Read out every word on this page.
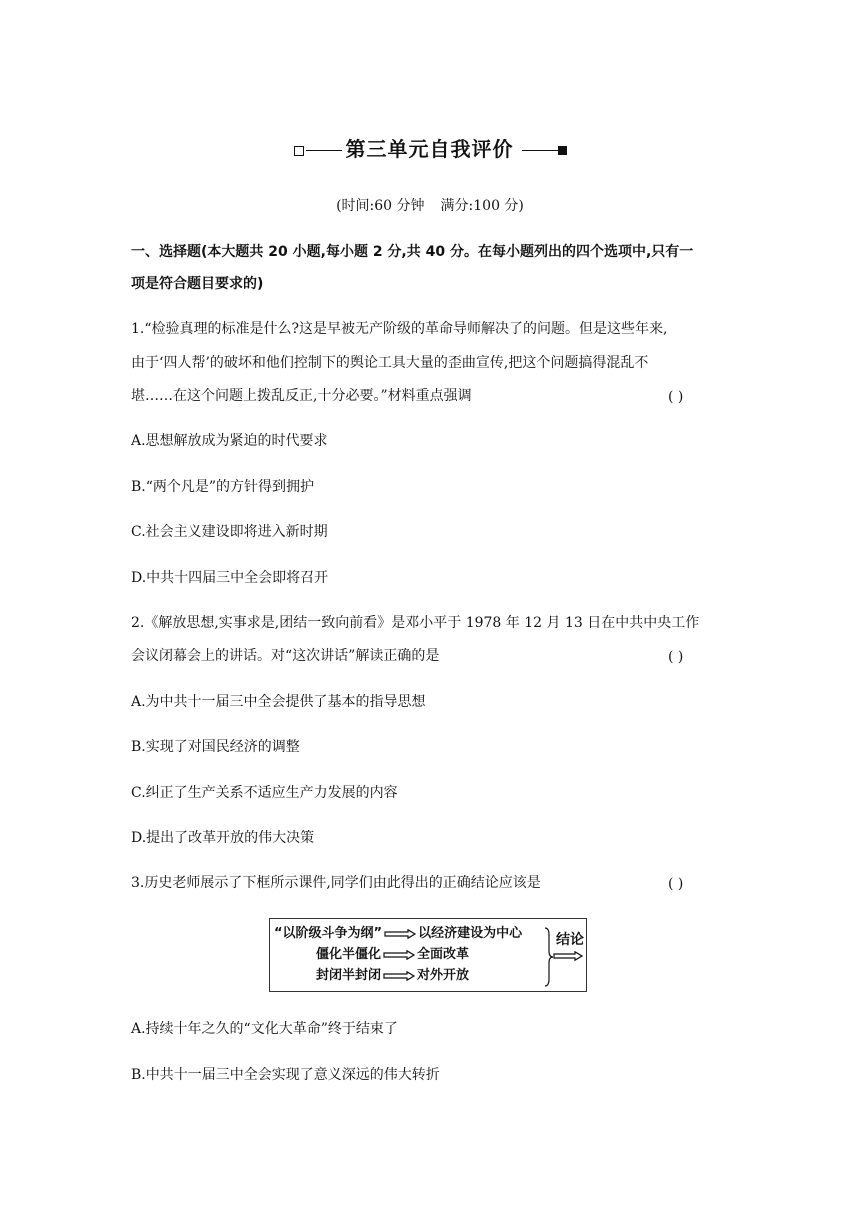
第三单元自我评价
(时间:60 分钟 满分:100 分)
一、选择题(本大题共 20 小题,每小题 2 分,共 40 分。在每小题列出的四个选项中,只有一
项是符合题目要求的)
1.“检验真理的标准是什么?这是早被无产阶级的革命导师解决了的问题。但是这些年来,
由于‘四人帮’的破坏和他们控制下的舆论工具大量的歪曲宣传,把这个问题搞得混乱不
堪……在这个问题上拨乱反正,十分必要。”材料重点强调	( )
A.思想解放成为紧迫的时代要求
B.“两个凡是”的方针得到拥护
C.社会主义建设即将进入新时期
D.中共十四届三中全会即将召开
2.《解放思想,实事求是,团结一致向前看》是邓小平于 1978 年 12 月 13 日在中共中央工作
会议闭幕会上的讲话。对“这次讲话”解读正确的是	( )
A.为中共十一届三中全会提供了基本的指导思想
B.实现了对国民经济的调整
C.纠正了生产关系不适应生产力发展的内容
D.提出了改革开放的伟大决策
3.历史老师展示了下框所示课件,同学们由此得出的正确结论应该是	( )
“以阶级斗争为纲”	以经济建设为中心
僵化半僵化	全面改革
封闭半封闭	对外开放
结论
A.持续十年之久的“文化大革命”终于结束了
B.中共十一届三中全会实现了意义深远的伟大转折
